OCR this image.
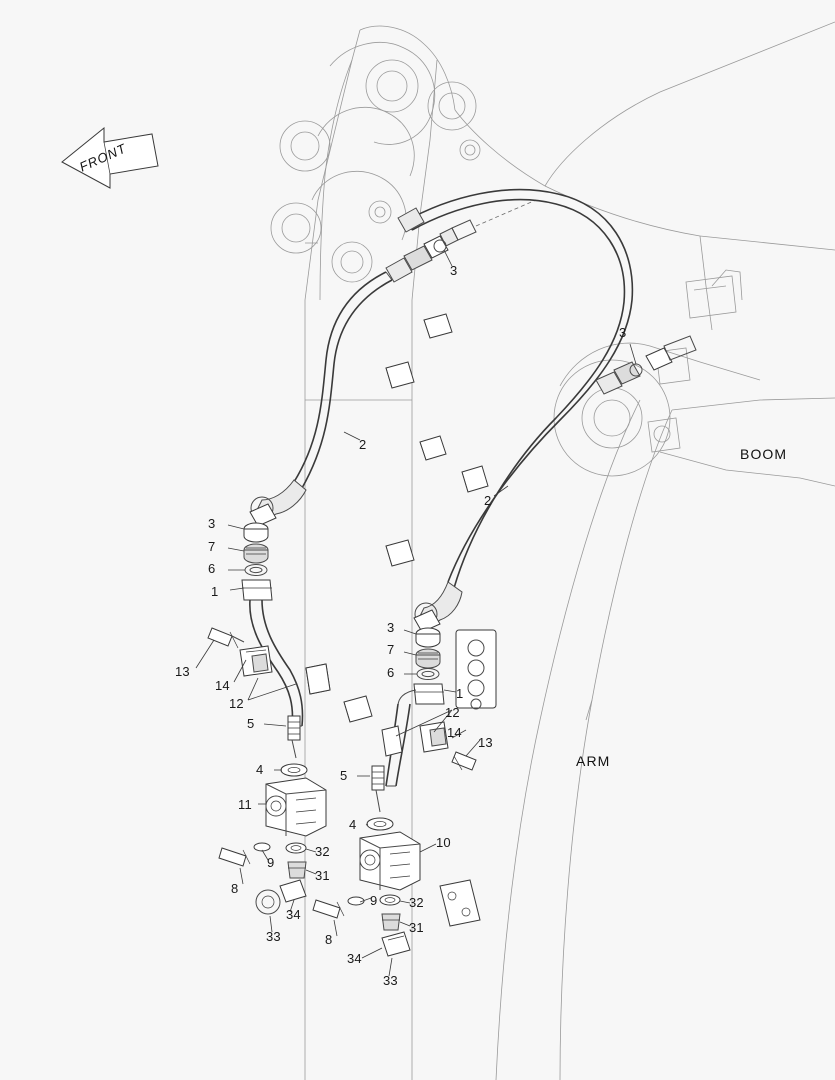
FRONT
BOOM
ARM
3
3
2
2
3
7
6
1
3
7
6
1
13
14
12
12
14
13
5
5
4
4
11
10
9
32
31
8
34
33
9 32
31
8
34
33
